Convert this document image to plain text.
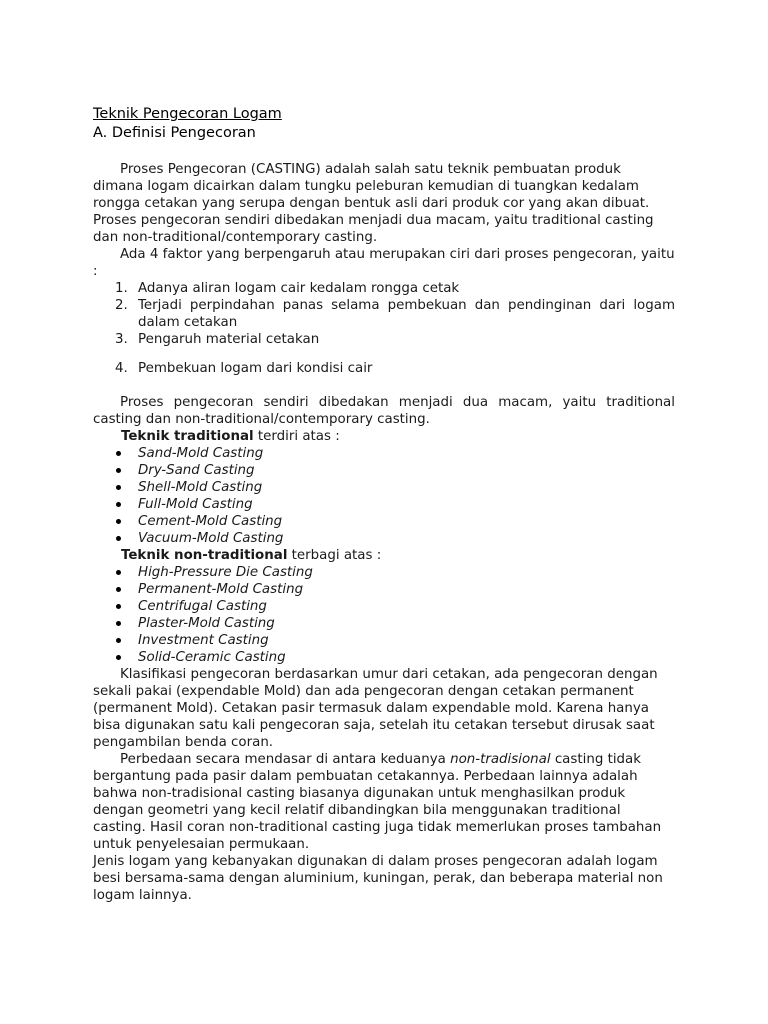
Teknik Pengecoran Logam
A. Definisi Pengecoran

Proses Pengecoran (CASTING) adalah salah satu teknik pembuatan produk dimana logam dicairkan dalam tungku peleburan kemudian di tuangkan kedalam rongga cetakan yang serupa dengan bentuk asli dari produk cor yang akan dibuat.

Proses pengecoran sendiri dibedakan menjadi dua macam, yaitu traditional casting dan non-traditional/contemporary casting.

Ada 4 faktor yang berpengaruh atau merupakan ciri dari proses pengecoran, yaitu :

1. Adanya aliran logam cair kedalam rongga cetak
2. Terjadi perpindahan panas selama pembekuan dan pendinginan dari logam dalam cetakan
3. Pengaruh material cetakan
4. Pembekuan logam dari kondisi cair

Proses pengecoran sendiri dibedakan menjadi dua macam, yaitu traditional casting dan non-traditional/contemporary casting.

Teknik traditional terdiri atas :
Sand-Mold Casting
Dry-Sand Casting
Shell-Mold Casting
Full-Mold Casting
Cement-Mold Casting
Vacuum-Mold Casting
Teknik non-traditional terbagi atas :
High-Pressure Die Casting
Permanent-Mold Casting
Centrifugal Casting
Plaster-Mold Casting
Investment Casting
Solid-Ceramic Casting

Klasifikasi pengecoran berdasarkan umur dari cetakan, ada pengecoran dengan sekali pakai (expendable Mold) dan ada pengecoran dengan cetakan permanent (permanent Mold). Cetakan pasir termasuk dalam expendable mold. Karena hanya bisa digunakan satu kali pengecoran saja, setelah itu cetakan tersebut dirusak saat pengambilan benda coran.

Perbedaan secara mendasar di antara keduanya non-tradisional casting tidak bergantung pada pasir dalam pembuatan cetakannya. Perbedaan lainnya adalah bahwa non-tradisional casting biasanya digunakan untuk menghasilkan produk dengan geometri yang kecil relatif dibandingkan bila menggunakan traditional casting. Hasil coran non-traditional casting juga tidak memerlukan proses tambahan untuk penyelesaian permukaan.

Jenis logam yang kebanyakan digunakan di dalam proses pengecoran adalah logam besi bersama-sama dengan aluminium, kuningan, perak, dan beberapa material non logam lainnya.
